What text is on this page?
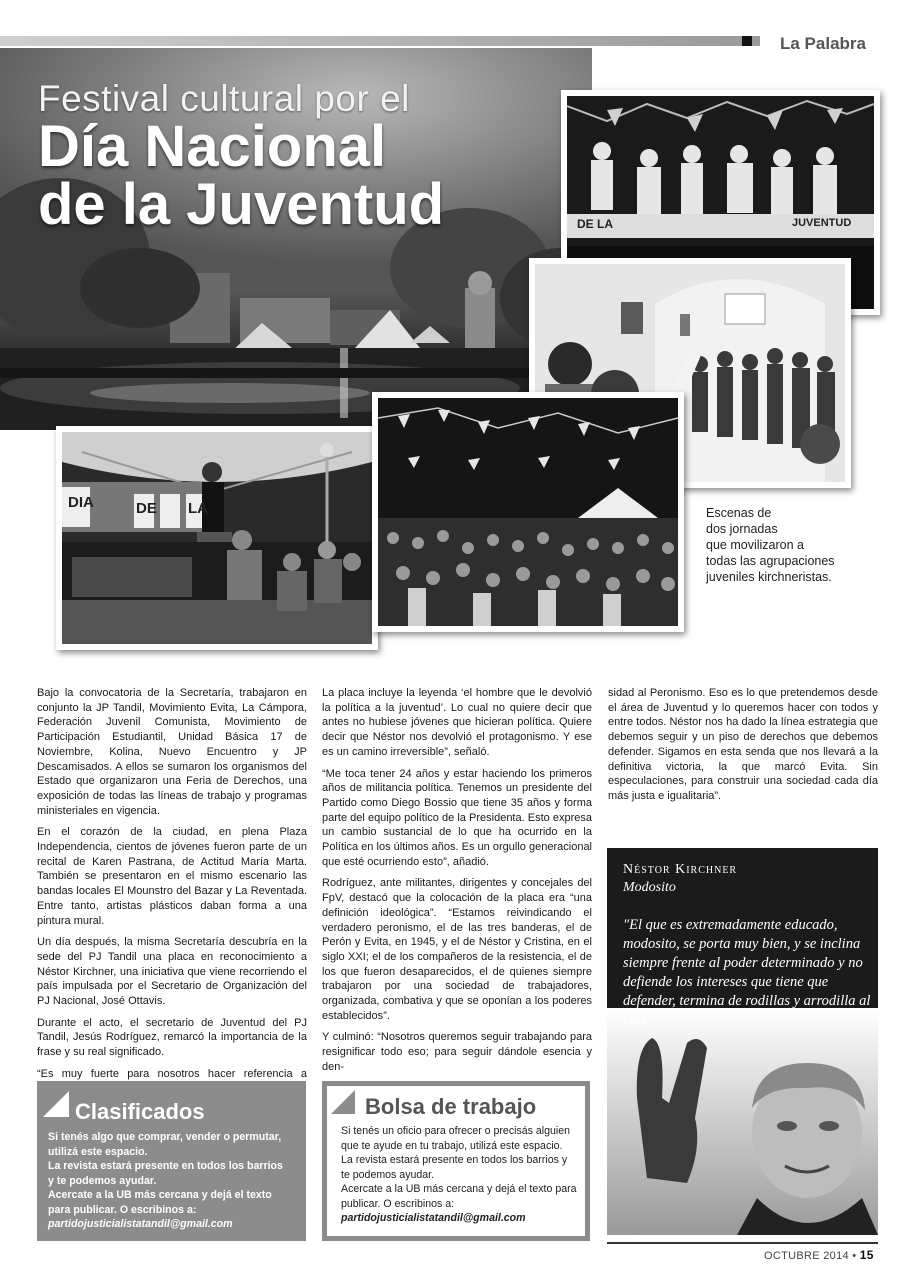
La Palabra
Festival cultural por el
Día Nacional
de la Juventud	DE LA	JUVENTUD
DIA	DE LA	Escenas de
dos jornadas
que movilizaron a
todas las agrupaciones
juveniles kirchneristas.

Bajo la convocatoria de la Secretaría, trabajaron en conjunto la JP Tandil, Movimiento Evita, La Cámpora, Federación Juvenil Comunista, Movimiento de Participación Estudiantil, Unidad Básica 17 de Noviembre, Kolina, Nuevo Encuentro y JP Descamisados. A ellos se sumaron los organismos del Estado que organizaron una Feria de Derechos, una exposición de todas las líneas de trabajo y programas ministeriales en vigencia.

En el corazón de la ciudad, en plena Plaza Independencia, cientos de jóvenes fueron parte de un recital de Karen Pastrana, de Actitud María Marta. También se presentaron en el mismo escenario las bandas locales El Mounstro del Bazar y La Reventada. Entre tanto, artistas plásticos daban forma a una pintura mural.

Un día después, la misma Secretaría descubría en la sede del PJ Tandil una placa en reconocimiento a Néstor Kirchner, una iniciativa que viene recorriendo el país impulsada por el Secretario de Organización del PJ Nacional, José Ottavis.

Durante el acto, el secretario de Juventud del PJ Tandil, Jesús Rodríguez, remarcó la importancia de la frase y su real significado.

“Es muy fuerte para nosotros hacer referencia a

La placa incluye la leyenda ‘el hombre que le devolvió la política a la juventud’. Lo cual no quiere decir que antes no hubiese jóvenes que hicieran política. Quiere decir que Néstor nos devolvió el protagonismo. Y ese es un camino irreversible”, señaló.

“Me toca tener 24 años y estar haciendo los primeros años de militancia política. Tenemos un presidente del Partido como Diego Bossio que tiene 35 años y forma parte del equipo político de la Presidenta. Esto expresa un cambio sustancial de lo que ha ocurrido en la Política en los últimos años. Es un orgullo generacional que esté ocurriendo esto”, añadió.

Rodríguez, ante militantes, dirigentes y concejales del FpV, destacó que la colocación de la placa era “una definición ideológica”. “Estamos reivindicando el verdadero peronismo, el de las tres banderas, el de Perón y Evita, en 1945, y el de Néstor y Cristina, en el siglo XXI; el de los compañeros de la resistencia, el de los que fueron desaparecidos, el de quienes siempre trabajaron por una sociedad de trabajadores, organizada, combativa y que se oponían a los poderes establecidos”.

Y culminó: “Nosotros queremos seguir trabajando para resignificar todo eso; para seguir dándole esencia y den-

sidad al Peronismo. Eso es lo que pretendemos desde el área de Juventud y lo queremos hacer con todos y entre todos. Néstor nos ha dado la línea estrategia que debemos seguir y un piso de derechos que debemos defender. Sigamos en esta senda que nos llevará a la definitiva victoria, la que marcó Evita. Sin especulaciones, para construir una sociedad cada día más justa e igualitaria”.

Néstor Kirchner
Modosito
"El que es extremadamente educado, modosito, se porta muy bien, y se inclina siempre frente al poder determinado y no defiende los intereses que tiene que defender, termina de rodillas y arrodilla al país"
Clasificados
Si tenés algo que comprar, vender o permutar,
utilizá este espacio.
La revista estará presente en todos los barrios
y te podemos ayudar.
Acercate a la UB más cercana y dejá el texto
para publicar. O escribinos a:
partidojusticialistatandil@gmail.com
Bolsa de trabajo
Si tenés un oficio para ofrecer o precisás alguien
que te ayude en tu trabajo, utilizá este espacio.
La revista estará presente en todos los barrios y
te podemos ayudar.
Acercate a la UB más cercana y dejá el texto para
publicar. O escribinos a:
partidojusticialistatandil@gmail.com
OCTUBRE 2014 • 15
